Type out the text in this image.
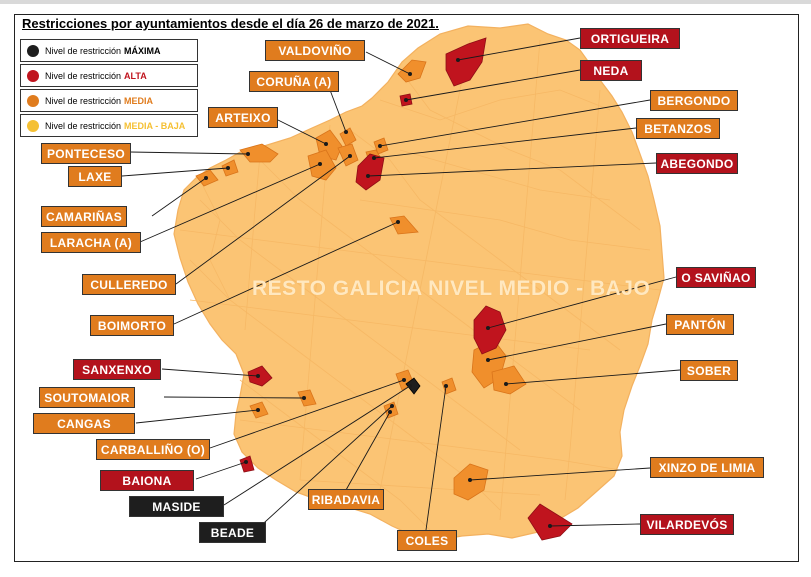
Restricciones por ayuntamientos desde el día 26 de marzo de 2021.
Nivel de restricción MÁXIMA
Nivel de restricción ALTA
Nivel de restricción MEDIA
Nivel de restricción MEDIA - BAJA
RESTO GALICIA NIVEL MEDIO - BAJO
VALDOVIÑO
CORUÑA (A)
ARTEIXO
PONTECESO
LAXE
CAMARIÑAS
LARACHA (A)
CULLEREDO
BOIMORTO
SANXENXO
SOUTOMAIOR
CANGAS
CARBALLIÑO (O)
BAIONA
MASIDE
BEADE
RIBADAVIA
COLES
ORTIGUEIRA
NEDA
BERGONDO
BETANZOS
ABEGONDO
O SAVIÑAO
PANTÓN
SOBER
XINZO DE LIMIA
VILARDEVÓS
